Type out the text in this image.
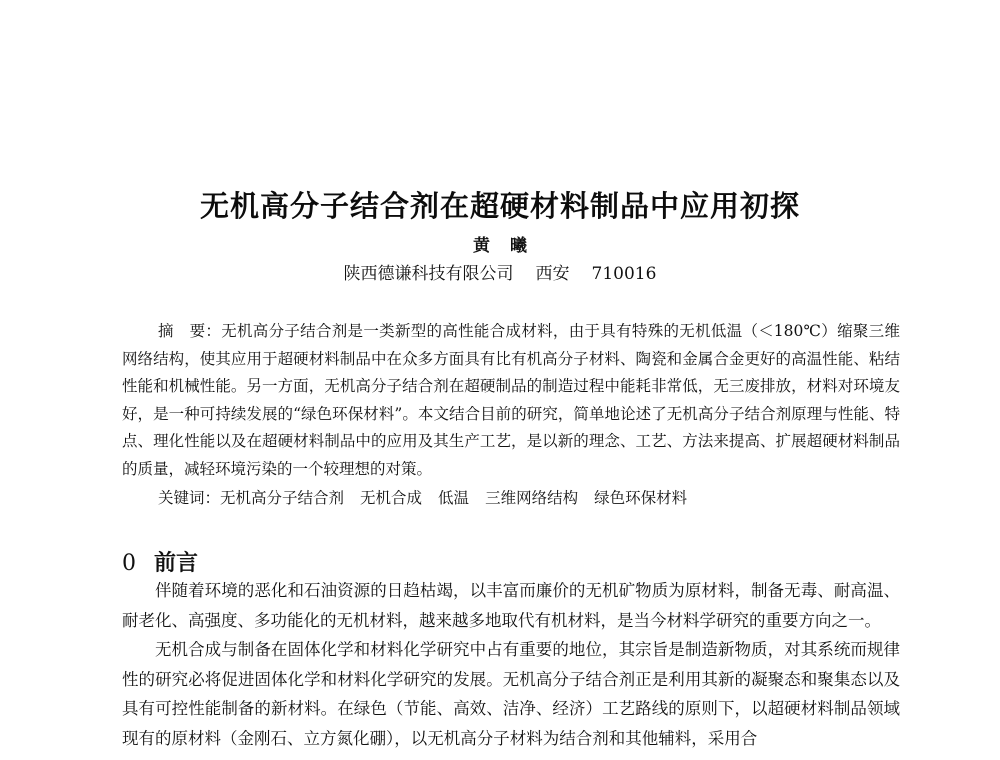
无机高分子结合剂在超硬材料制品中应用初探
黄 曦
陕西德谦科技有限公司 西安 710016
摘　要：无机高分子结合剂是一类新型的高性能合成材料，由于具有特殊的无机低温（＜180℃）缩聚三维网络结构，使其应用于超硬材料制品中在众多方面具有比有机高分子材料、陶瓷和金属合金更好的高温性能、粘结性能和机械性能。另一方面，无机高分子结合剂在超硬制品的制造过程中能耗非常低，无三废排放，材料对环境友好，是一种可持续发展的“绿色环保材料”。本文结合目前的研究，简单地论述了无机高分子结合剂原理与性能、特点、理化性能以及在超硬材料制品中的应用及其生产工艺，是以新的理念、工艺、方法来提高、扩展超硬材料制品的质量，减轻环境污染的一个较理想的对策。
关键词：无机高分子结合剂 无机合成 低温 三维网络结构 绿色环保材料
0 前言

伴随着环境的恶化和石油资源的日趋枯竭，以丰富而廉价的无机矿物质为原材料，制备无毒、耐高温、耐老化、高强度、多功能化的无机材料，越来越多地取代有机材料，是当今材料学研究的重要方向之一。

无机合成与制备在固体化学和材料化学研究中占有重要的地位，其宗旨是制造新物质，对其系统而规律性的研究必将促进固体化学和材料化学研究的发展。无机高分子结合剂正是利用其新的凝聚态和聚集态以及具有可控性能制备的新材料。在绿色（节能、高效、洁净、经济）工艺路线的原则下，以超硬材料制品领域现有的原材料（金刚石、立方氮化硼），以无机高分子材料为结合剂和其他辅料，采用合
